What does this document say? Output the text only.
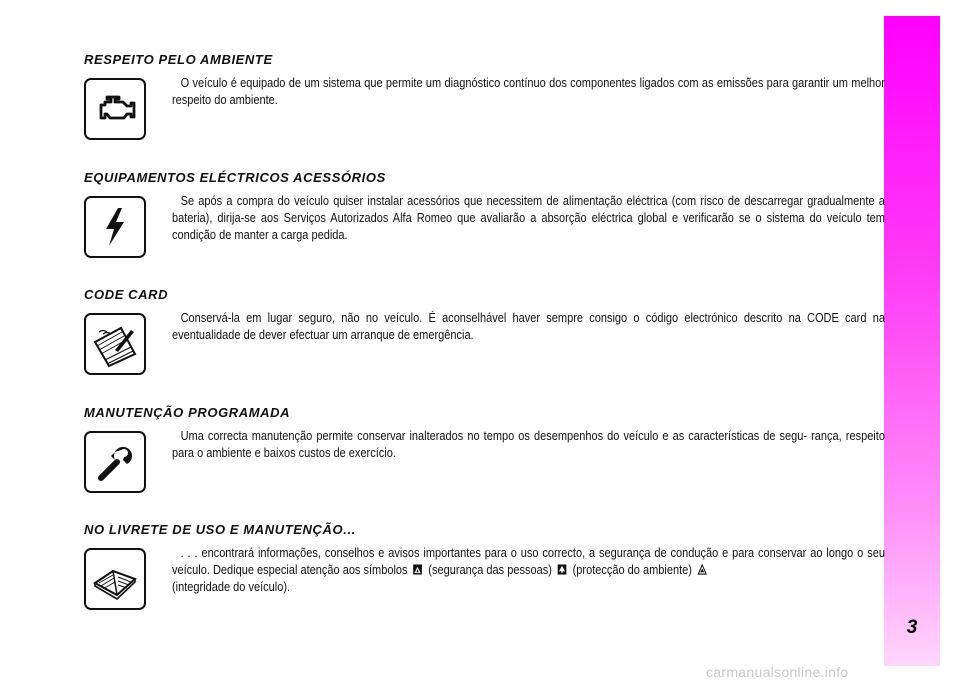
3
RESPEITO PELO AMBIENTE
O veículo é equipado de um sistema que permite um diagnóstico contínuo dos componentes ligados com as emissões para garantir um melhor respeito do ambiente.
EQUIPAMENTOS ELÉCTRICOS ACESSÓRIOS
Se após a compra do veículo quiser instalar acessórios que necessitem de alimentação eléctrica (com risco de descarregar gradualmente a bateria), dirija-se aos Serviços Autorizados Alfa Romeo que avaliarão a absorção eléctrica global e verificarão se o sistema do veículo tem condição de manter a carga pedida.
CODE CARD
Conservá-la em lugar seguro, não no veículo. É aconselhável haver sempre consigo o código electrónico descrito na CODE card na eventualidade de dever efectuar um arranque de emergência.
MANUTENÇÃO PROGRAMADA
Uma correcta manutenção permite conservar inalterados no tempo os desempenhos do veículo e as características de segu- rança, respeito para o ambiente e baixos custos de exercício.
NO LIVRETE DE USO E MANUTENÇÃO...
. . . encontrará informações, conselhos e avisos importantes para o uso correcto, a segurança de condução e para conservar ao longo o seu veículo. Dedique especial atenção aos símbolos (segurança das pessoas) (protecção do ambiente)
(integridade do veículo).
carmanualsonline.info
